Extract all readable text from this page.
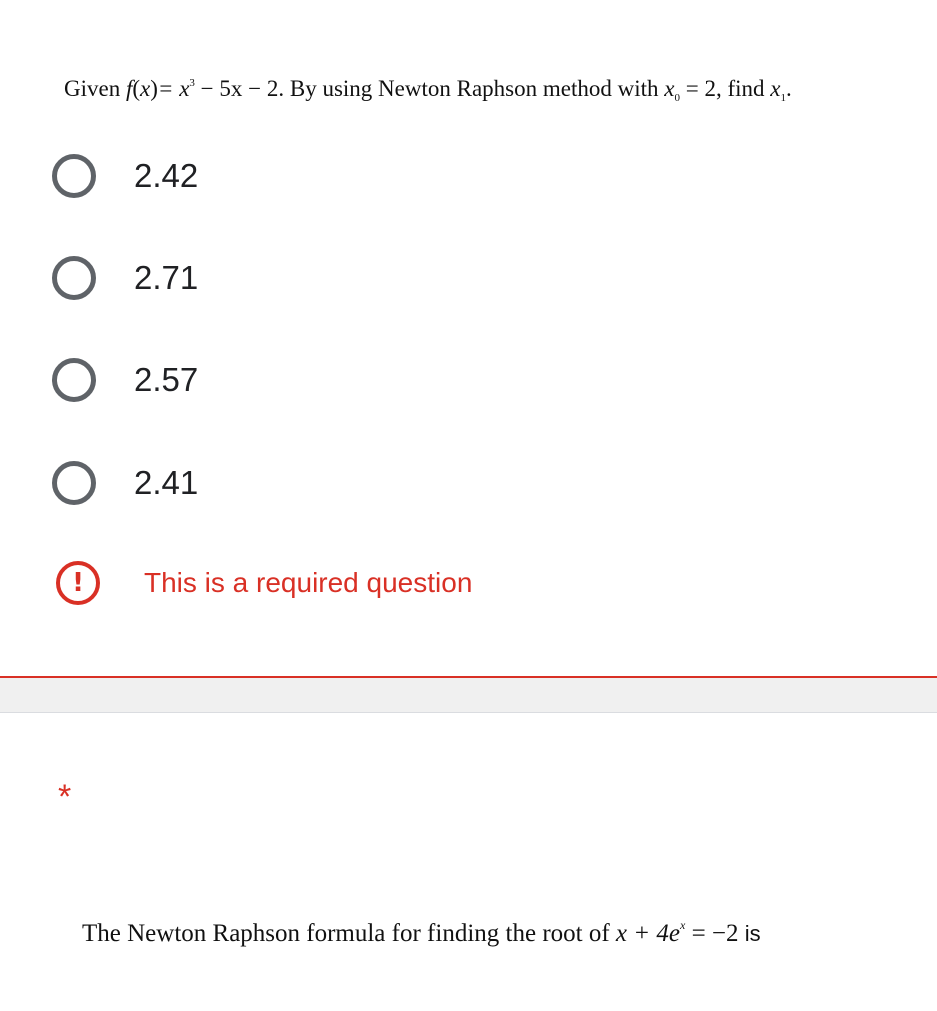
Given $f(x)= x^3 - 5x - 2$. By using Newton Raphson method with $x_0 = 2$, find $x_1$.
2.42
2.71
2.57
2.41
!	This is a required question
*
The Newton Raphson formula for finding the root of $x + 4e^x = -2$ is
